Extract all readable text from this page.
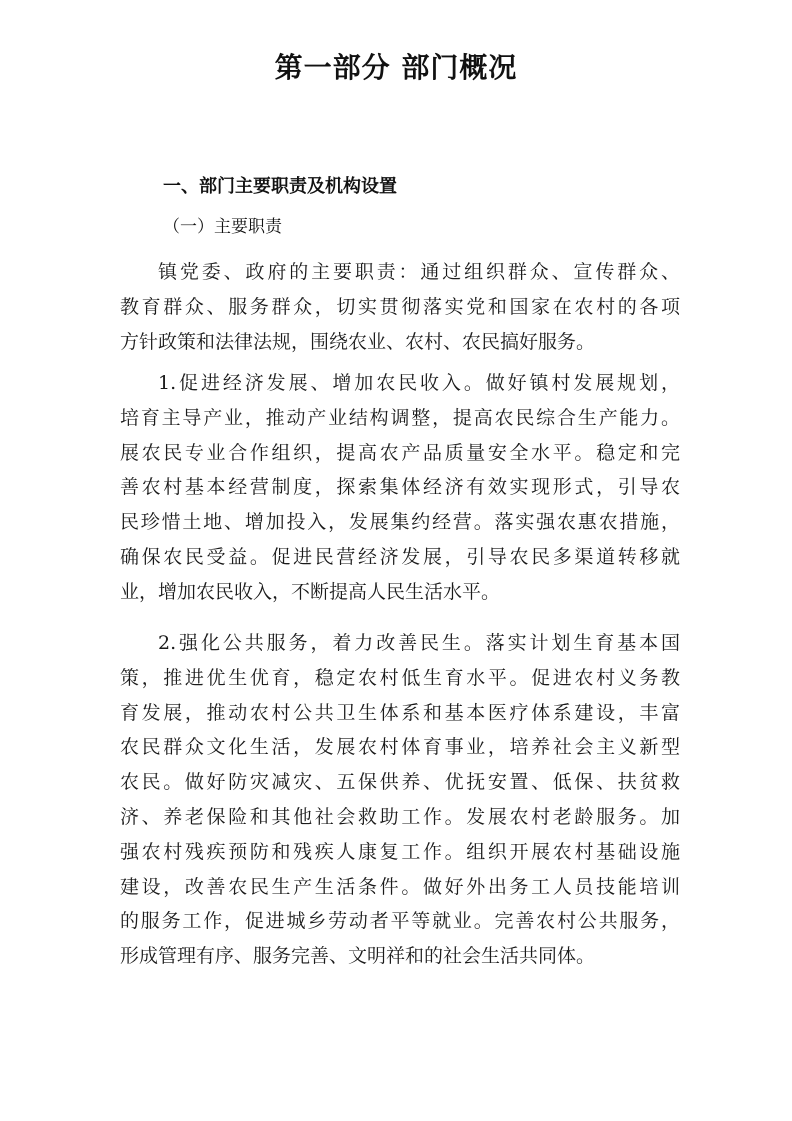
第一部分 部门概况
一、部门主要职责及机构设置
（一）主要职责
镇党委、政府的主要职责：通过组织群众、宣传群众、
教育群众、服务群众，切实贯彻落实党和国家在农村的各项
方针政策和法律法规，围绕农业、农村、农民搞好服务。
1.促进经济发展、增加农民收入。做好镇村发展规划，
培育主导产业，推动产业结构调整，提高农民综合生产能力。
展农民专业合作组织，提高农产品质量安全水平。稳定和完
善农村基本经营制度，探索集体经济有效实现形式，引导农
民珍惜土地、增加投入，发展集约经营。落实强农惠农措施，
确保农民受益。促进民营经济发展，引导农民多渠道转移就
业，增加农民收入，不断提高人民生活水平。
2.强化公共服务，着力改善民生。落实计划生育基本国
策，推进优生优育，稳定农村低生育水平。促进农村义务教
育发展，推动农村公共卫生体系和基本医疗体系建设，丰富
农民群众文化生活，发展农村体育事业，培养社会主义新型
农民。做好防灾减灾、五保供养、优抚安置、低保、扶贫救
济、养老保险和其他社会救助工作。发展农村老龄服务。加
强农村残疾预防和残疾人康复工作。组织开展农村基础设施
建设，改善农民生产生活条件。做好外出务工人员技能培训
的服务工作，促进城乡劳动者平等就业。完善农村公共服务，
形成管理有序、服务完善、文明祥和的社会生活共同体。
